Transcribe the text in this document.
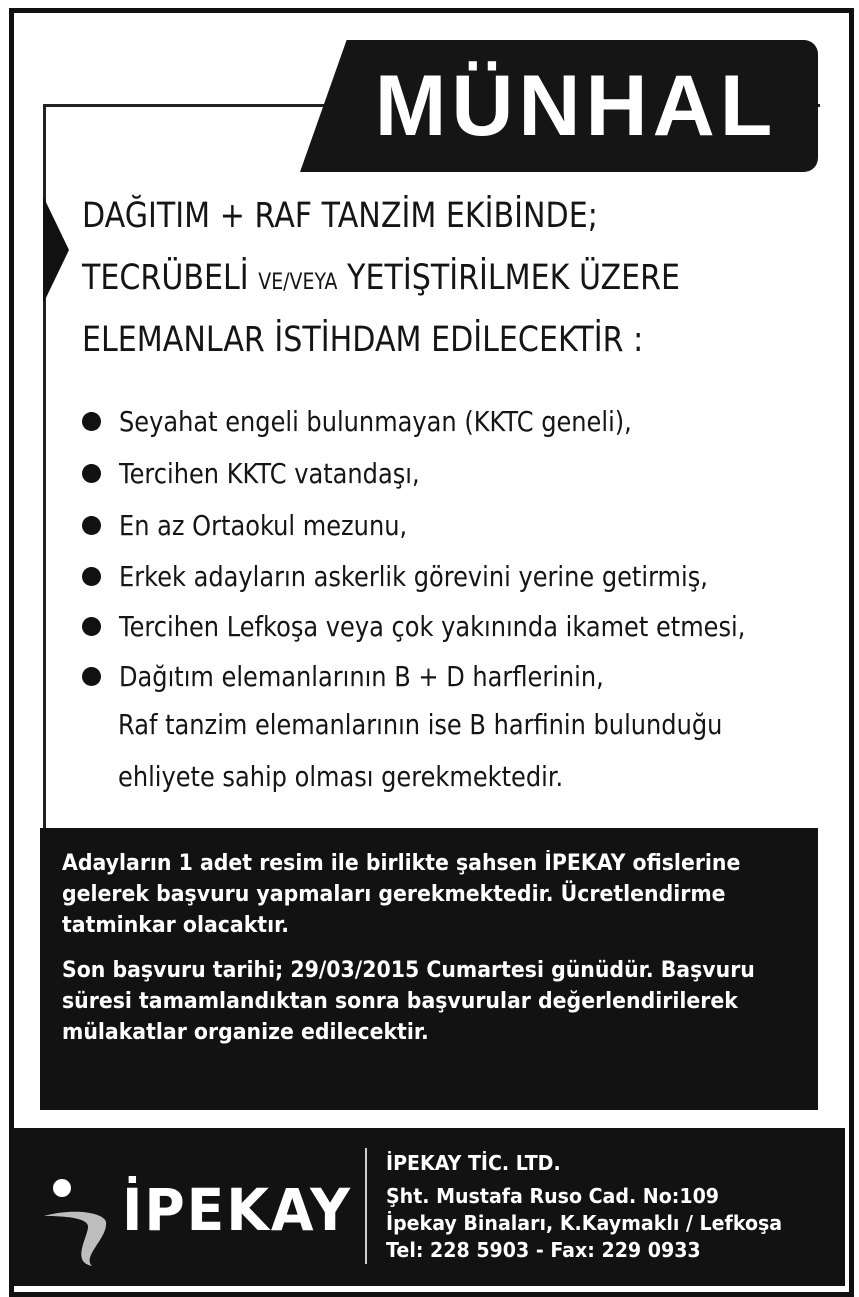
MÜNHAL
DAĞITIM + RAF TANZİM EKİBİNDE;
TECRÜBELİ VE/VEYA YETİŞTİRİLMEK ÜZERE
ELEMANLAR İSTİHDAM EDİLECEKTİR :
Seyahat engeli bulunmayan (KKTC geneli),
Tercihen KKTC vatandaşı,
En az Ortaokul mezunu,
Erkek adayların askerlik görevini yerine getirmiş,
Tercihen Lefkoşa veya çok yakınında ikamet etmesi,
Dağıtım elemanlarının B + D harflerinin,
Raf tanzim elemanlarının ise B harfinin bulunduğu
ehliyete sahip olması gerekmektedir.

Adayların 1 adet resim ile birlikte şahsen İPEKAY ofislerine gelerek başvuru yapmaları gerekmektedir. Ücretlendirme tatminkar olacaktır.

Son başvuru tarihi; 29/03/2015 Cumartesi günüdür. Başvuru süresi tamamlandıktan sonra başvurular değerlendirilerek mülakatlar organize edilecektir.

İPEKAY
İPEKAY TİC. LTD.
Şht. Mustafa Ruso Cad. No:109
İpekay Binaları, K.Kaymaklı / Lefkoşa
Tel: 228 5903 - Fax: 229 0933
